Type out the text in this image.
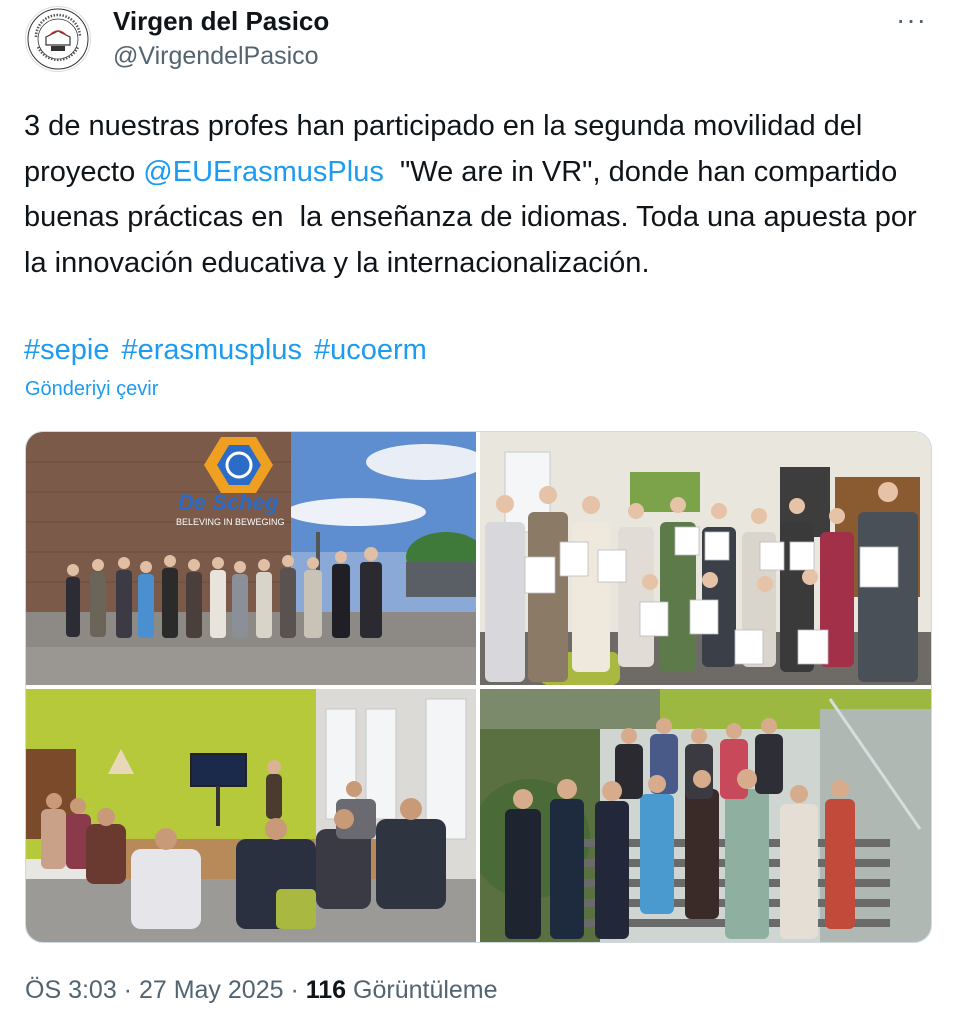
Virgen del Pasico
@VirgendelPasico
···
3 de nuestras profes han participado en la segunda movilidad del proyecto @EUErasmusPlus  "We are in VR", donde han compartido buenas prácticas en  la enseñanza de idiomas. Toda una apuesta por la innovación educativa y la internacionalización.
#sepie #erasmusplus #ucoerm
Gönderiyi çevir
De Scheg
BELEVING IN BEWEGING
ÖS 3:03 · 27 May 2025 · 116 Görüntüleme
